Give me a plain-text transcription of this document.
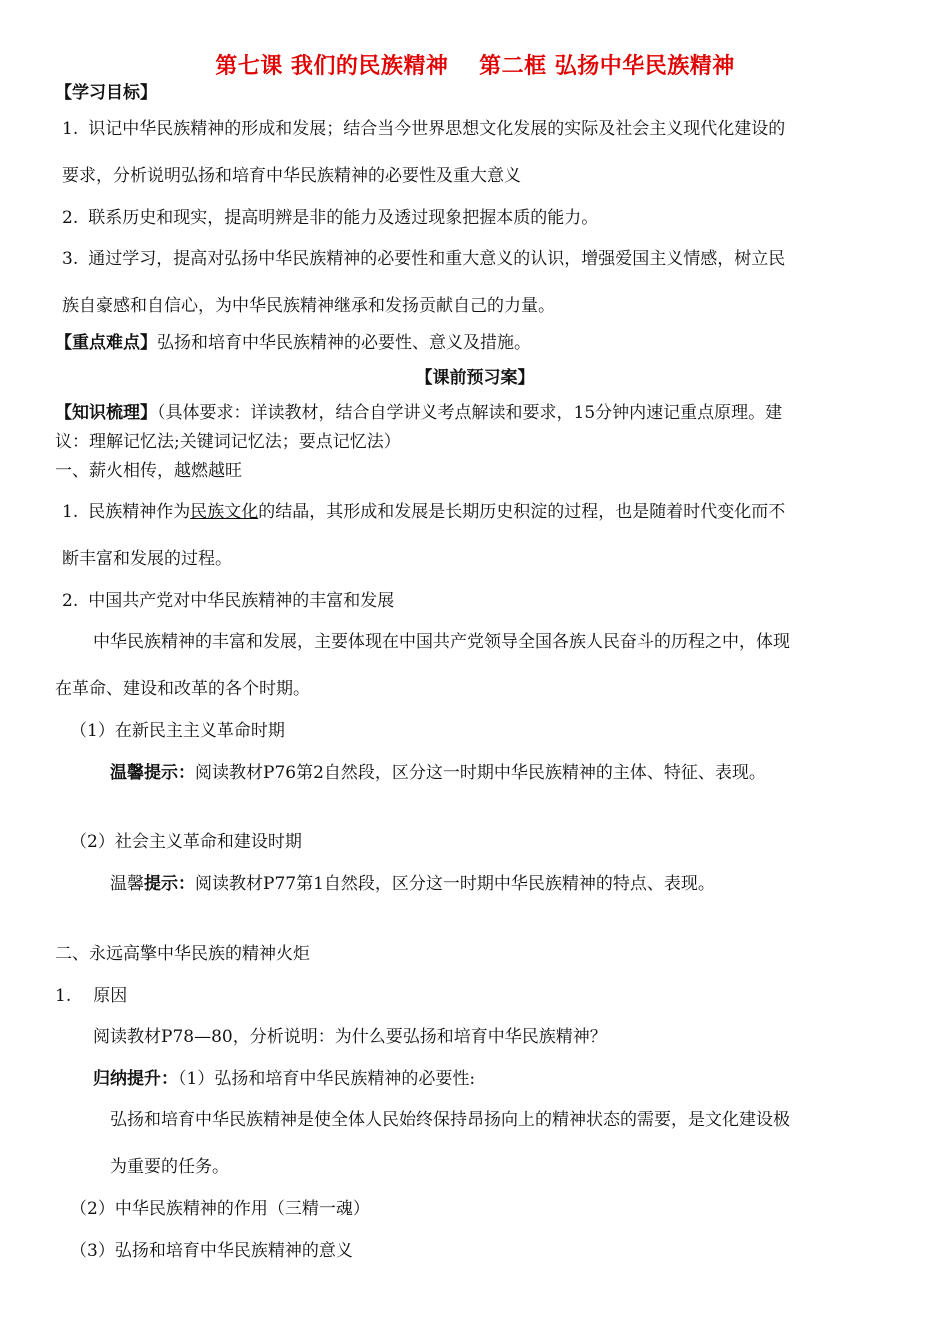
第七课 我们的民族精神　 第二框 弘扬中华民族精神
【学习目标】
1. 识记中华民族精神的形成和发展；结合当今世界思想文化发展的实际及社会主义现代化建设的
要求，分析说明弘扬和培育中华民族精神的必要性及重大意义
2. 联系历史和现实，提高明辨是非的能力及透过现象把握本质的能力。
3. 通过学习，提高对弘扬中华民族精神的必要性和重大意义的认识，增强爱国主义情感，树立民
族自豪感和自信心，为中华民族精神继承和发扬贡献自己的力量。
【重点难点】弘扬和培育中华民族精神的必要性、意义及措施。
【课前预习案】
【知识梳理】（具体要求：详读教材，结合自学讲义考点解读和要求，15分钟内速记重点原理。建
议：理解记忆法;关键词记忆法；要点记忆法）
一、薪火相传，越燃越旺
1. 民族精神作为民族文化的结晶，其形成和发展是长期历史积淀的过程，也是随着时代变化而不
断丰富和发展的过程。
2. 中国共产党对中华民族精神的丰富和发展
中华民族精神的丰富和发展，主要体现在中国共产党领导全国各族人民奋斗的历程之中，体现
在革命、建设和改革的各个时期。
（1）在新民主主义革命时期
温馨提示：阅读教材P76第2自然段，区分这一时期中华民族精神的主体、特征、表现。
（2）社会主义革命和建设时期
温馨提示：阅读教材P77第1自然段，区分这一时期中华民族精神的特点、表现。
二、永远高擎中华民族的精神火炬
1. 原因
阅读教材P78—80，分析说明：为什么要弘扬和培育中华民族精神？
归纳提升：（1）弘扬和培育中华民族精神的必要性:
弘扬和培育中华民族精神是使全体人民始终保持昂扬向上的精神状态的需要，是文化建设极
为重要的任务。
（2）中华民族精神的作用（三精一魂）
（3）弘扬和培育中华民族精神的意义
